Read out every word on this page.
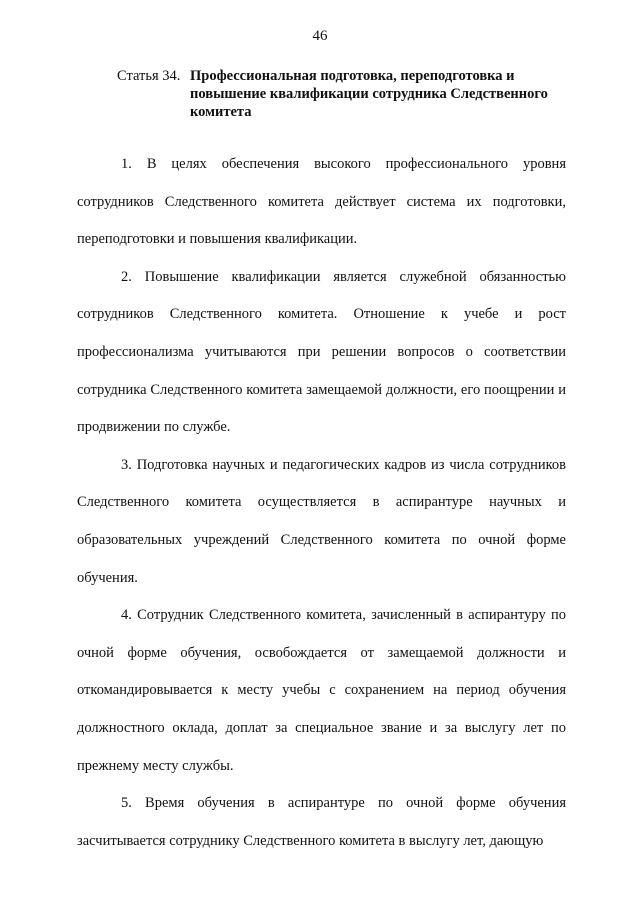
46
Статья 34. Профессиональная подготовка, переподготовка и повышение квалификации сотрудника Следственного комитета

1. В целях обеспечения высокого профессионального уровня сотрудников Следственного комитета действует система их подготовки, переподготовки и повышения квалификации.

2. Повышение квалификации является служебной обязанностью сотрудников Следственного комитета. Отношение к учебе и рост профессионализма учитываются при решении вопросов о соответствии сотрудника Следственного комитета замещаемой должности, его поощрении и продвижении по службе.

3. Подготовка научных и педагогических кадров из числа сотрудников Следственного комитета осуществляется в аспирантуре научных и образовательных учреждений Следственного комитета по очной форме обучения.

4. Сотрудник Следственного комитета, зачисленный в аспирантуру по очной форме обучения, освобождается от замещаемой должности и откомандировывается к месту учебы с сохранением на период обучения должностного оклада, доплат за специальное звание и за выслугу лет по прежнему месту службы.

5. Время обучения в аспирантуре по очной форме обучения засчитывается сотруднику Следственного комитета в выслугу лет, дающую
